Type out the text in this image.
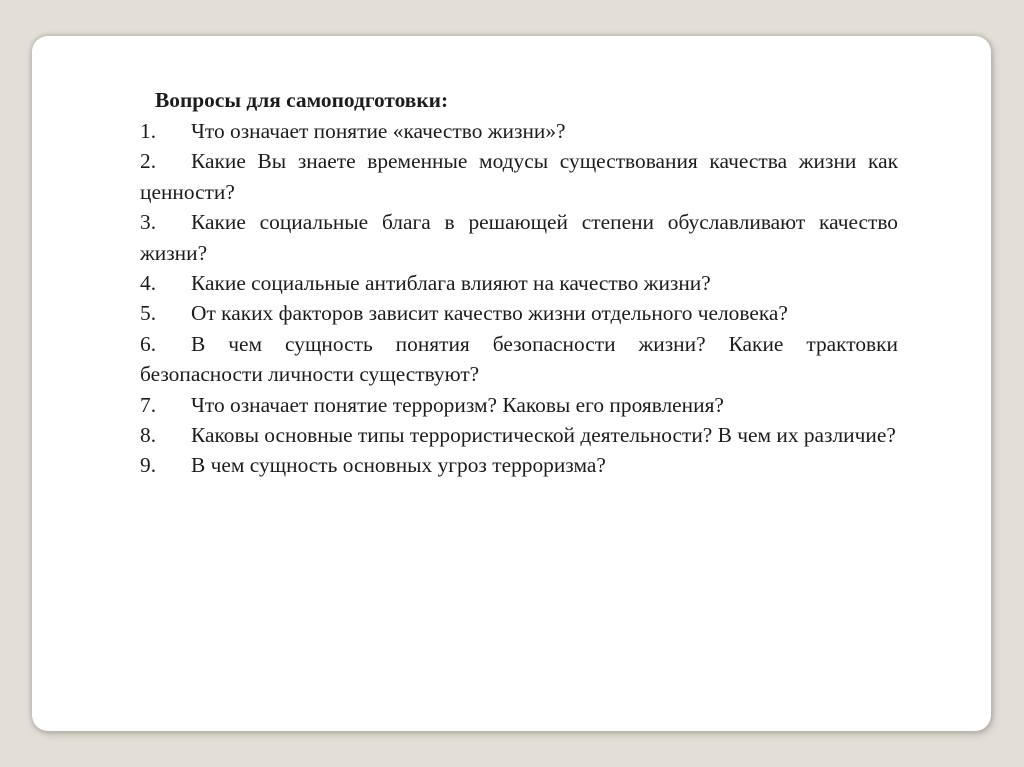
Вопросы для самоподготовки:
1. Что означает понятие «качество жизни»?
2. Какие Вы знаете временные модусы существования качества жизни как ценности?
3. Какие социальные блага в решающей степени обуславливают качество жизни?
4. Какие социальные антиблага влияют на качество жизни?
5. От каких факторов зависит качество жизни отдельного человека?
6. В чем сущность понятия безопасности жизни? Какие трактовки безопасности личности существуют?
7. Что означает понятие терроризм? Каковы его проявления?
8. Каковы основные типы террористической деятельности? В чем их различие?
9. В чем сущность основных угроз терроризма?
